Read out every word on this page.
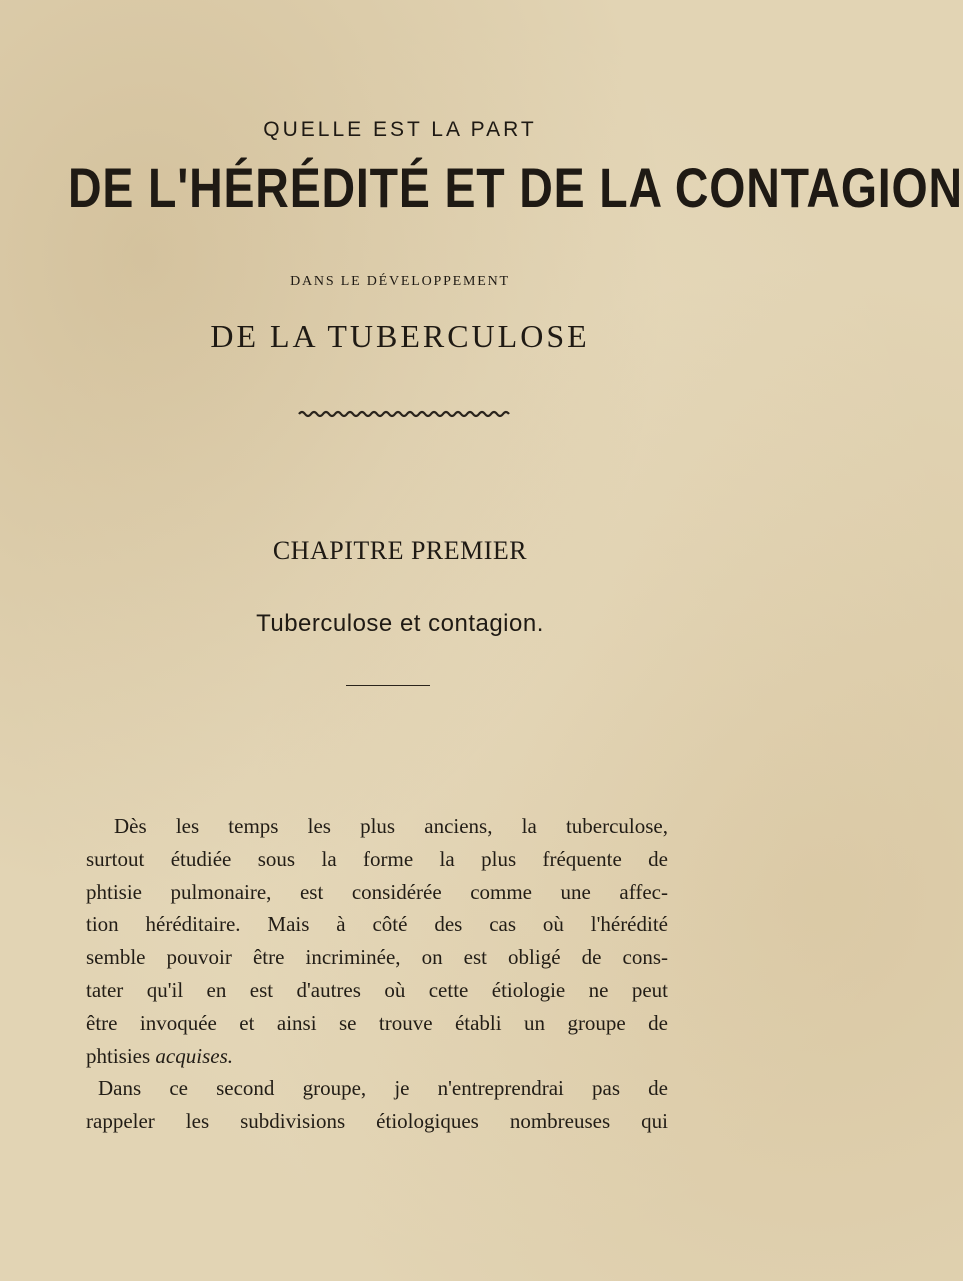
QUELLE EST LA PART
DE L'HÉRÉDITÉ ET DE LA CONTAGION
DANS LE DÉVELOPPEMENT
DE LA TUBERCULOSE
CHAPITRE PREMIER
Tuberculose et contagion.
Dès les temps les plus anciens, la tuberculose,
surtout étudiée sous la forme la plus fréquente de
phtisie pulmonaire, est considérée comme une affec-
tion héréditaire. Mais à côté des cas où l'hérédité
semble pouvoir être incriminée, on est obligé de cons-
tater qu'il en est d'autres où cette étiologie ne peut
être invoquée et ainsi se trouve établi un groupe de
phtisies acquises.
Dans ce second groupe, je n'entreprendrai pas de
rappeler les subdivisions étiologiques nombreuses qui
